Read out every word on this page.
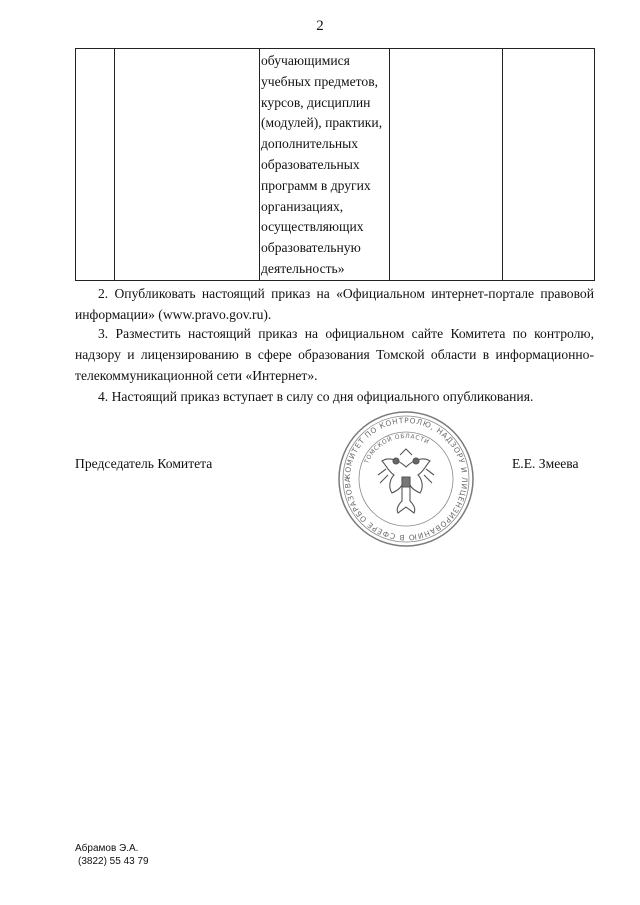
2

обучающимися
учебных предметов,
курсов, дисциплин
(модулей), практики,
дополнительных
образовательных
программ в других
организациях,
осуществляющих
образовательную
деятельность»

2. Опубликовать настоящий приказ на «Официальном интернет-портале правовой
информации» (www.pravo.gov.ru).
3. Разместить настоящий приказ на официальном сайте Комитета по контролю,
надзору и лицензированию в сфере образования Томской области в информационно-
телекоммуникационной сети «Интернет».
4. Настоящий приказ вступает в силу со дня официального опубликования.
Председатель Комитета
КОМИТЕТ ПО КОНТРОЛЮ, НАДЗОРУ И ЛИЦЕНЗИРОВАНИЮ В СФЕРЕ ОБРАЗОВА
ТОМСКОЙ ОБЛАСТИ
Е.Е. Змеева
Абрамов Э.А.
(3822) 55 43 79
